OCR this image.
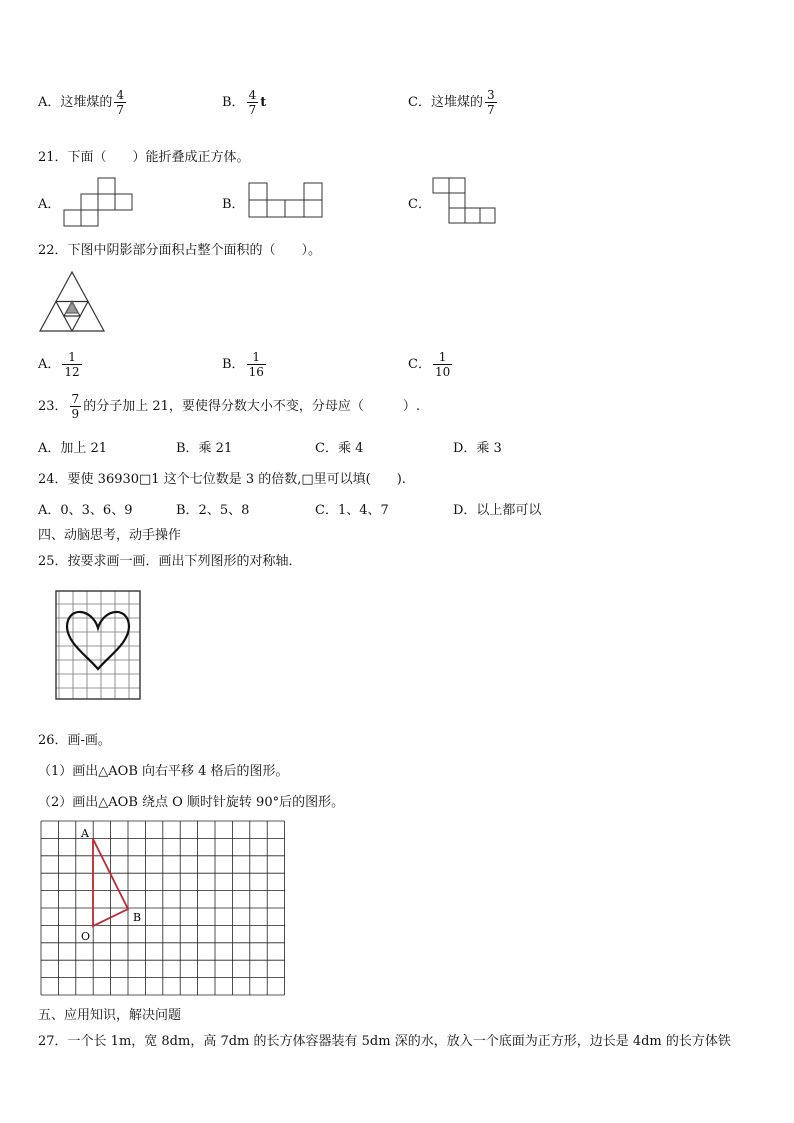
A．这堆煤的 $\frac{4}{7}$	B． $\frac{4}{7}$ t	C．这堆煤的 $\frac{3}{7}$
21．下面（　　）能折叠成正方体。
A．	B．	C．
22．下图中阴影部分面积占整个面积的（　　）。
A． $\frac{1}{12}$	B． $\frac{1}{16}$	C． $\frac{1}{10}$
23． $\frac{7}{9}$ 的分子加上 21，要使得分数大小不变，分母应（　　　）.
A．加上 21	B．乘 21	C．乘 4	D．乘 3
24．要使 36930□1 这个七位数是 3 的倍数,□里可以填(　　).
A．0、3、6、9	B．2、5、8	C．1、4、7	D．以上都可以
四、动脑思考，动手操作
25．按要求画一画．画出下列图形的对称轴．
26．画-画。
（1）画出△AOB 向右平移 4 格后的图形。
（2）画出△AOB 绕点 O 顺时针旋转 90°后的图形。
A
B
O
五、应用知识，解决问题
27．一个长 1m，宽 8dm，高 7dm 的长方体容器装有 5dm 深的水，放入一个底面为正方形，边长是 4dm 的长方体铁
